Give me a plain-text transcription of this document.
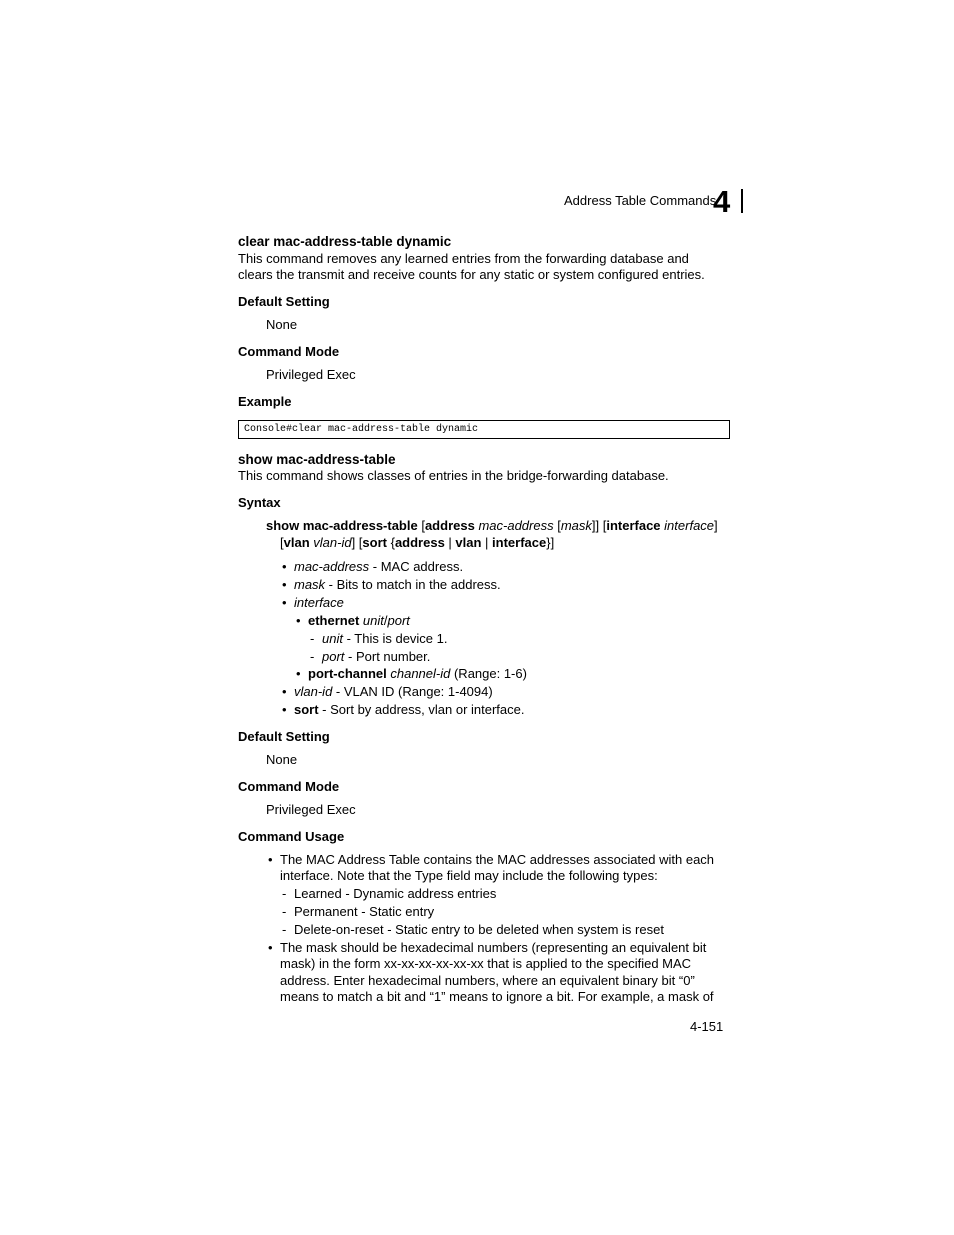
Address Table Commands
4
clear mac-address-table dynamic
This command removes any learned entries from the forwarding database and
clears the transmit and receive counts for any static or system configured entries.
Default Setting
None
Command Mode
Privileged Exec
Example
Console#clear mac-address-table dynamic
show mac-address-table
This command shows classes of entries in the bridge-forwarding database.
Syntax
show mac-address-table [address mac-address [mask]] [interface interface]
[vlan vlan-id] [sort {address | vlan | interface}]
• mac-address - MAC address.
• mask - Bits to match in the address.
• interface
• ethernet unit/port
- unit - This is device 1.
- port - Port number.
• port-channel channel-id (Range: 1-6)
• vlan-id - VLAN ID (Range: 1-4094)
• sort - Sort by address, vlan or interface.
Default Setting
None
Command Mode
Privileged Exec
Command Usage
• The MAC Address Table contains the MAC addresses associated with each
interface. Note that the Type field may include the following types:
- Learned - Dynamic address entries
- Permanent - Static entry
- Delete-on-reset - Static entry to be deleted when system is reset
• The mask should be hexadecimal numbers (representing an equivalent bit
mask) in the form xx-xx-xx-xx-xx-xx that is applied to the specified MAC
address. Enter hexadecimal numbers, where an equivalent binary bit “0”
means to match a bit and “1” means to ignore a bit. For example, a mask of
4-151
